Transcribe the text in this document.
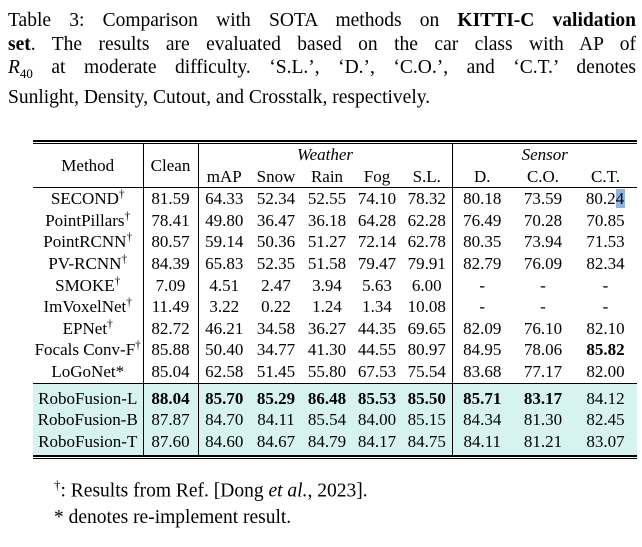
Table 3: Comparison with SOTA methods on KITTI-C validation
set. The results are evaluated based on the car class with AP of
$R_{40}$ at moderate difficulty. ‘S.L.’, ‘D.’, ‘C.O.’, and ‘C.T.’ denotes
Sunlight, Density, Cutout, and Crosstalk, respectively.
Method	Clean	Weather					Sensor		
		mAP	Snow	Rain	Fog	S.L.	D.	C.O.	C.T.
SECOND†	81.59	64.33	52.34	52.55	74.10	78.32	80.18	73.59	80.24
PointPillars†	78.41	49.80	36.47	36.18	64.28	62.28	76.49	70.28	70.85
PointRCNN†	80.57	59.14	50.36	51.27	72.14	62.78	80.35	73.94	71.53
PV-RCNN†	84.39	65.83	52.35	51.58	79.47	79.91	82.79	76.09	82.34
SMOKE†	7.09	4.51	2.47	3.94	5.63	6.00	-	-	-
ImVoxelNet†	11.49	3.22	0.22	1.24	1.34	10.08	-	-	-
EPNet†	82.72	46.21	34.58	36.27	44.35	69.65	82.09	76.10	82.10
Focals Conv-F†	85.88	50.40	34.77	41.30	44.55	80.97	84.95	78.06	85.82
LoGoNet*	85.04	62.58	51.45	55.80	67.53	75.54	83.68	77.17	82.00
RoboFusion-L	88.04	85.70	85.29	86.48	85.53	85.50	85.71	83.17	84.12
RoboFusion-B	87.87	84.70	84.11	85.54	84.00	85.15	84.34	81.30	82.45
RoboFusion-T	87.60	84.60	84.67	84.79	84.17	84.75	84.11	81.21	83.07
†: Results from Ref. [Dong et al., 2023].
* denotes re-implement result.
